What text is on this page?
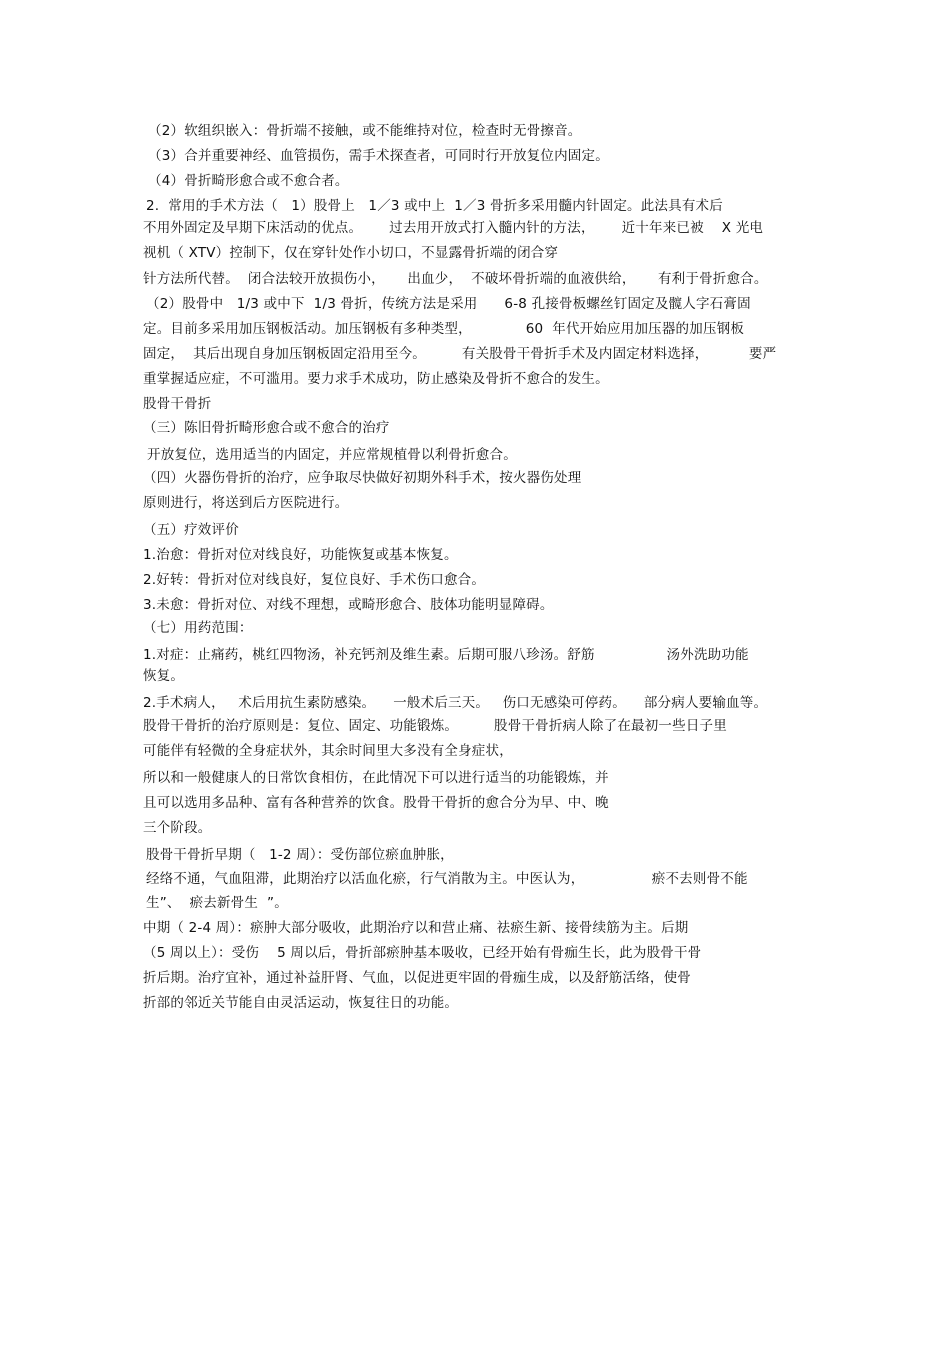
（2）软组织嵌入：骨折端不接触，或不能维持对位，检查时无骨擦音。
（3）合并重要神经、血管损伤，需手术探查者，可同时行开放复位内固定。
（4）骨折畸形愈合或不愈合者。
2.  常用的手术方法（   1）股骨上   1／3 或中上  1／3 骨折多采用髓内针固定。此法具有术后
不用外固定及早期下床活动的优点。      过去用开放式打入髓内针的方法，      近十年来已被    X 光电
视机（ XTV）控制下，仅在穿针处作小切口，不显露骨折端的闭合穿
针方法所代替。  闭合法较开放损伤小，     出血少，  不破坏骨折端的血液供给，     有利于骨折愈合。
（2）股骨中   1/3 或中下  1/3 骨折，传统方法是采用      6-8 孔接骨板螺丝钉固定及髋人字石膏固
定。目前多采用加压钢板活动。加压钢板有多种类型，            60  年代开始应用加压器的加压钢板
固定，  其后出现自身加压钢板固定沿用至今。        有关股骨干骨折手术及内固定材料选择，         要严
重掌握适应症，不可滥用。要力求手术成功，防止感染及骨折不愈合的发生。
股骨干骨折
（三）陈旧骨折畸形愈合或不愈合的治疗
开放复位，选用适当的内固定，并应常规植骨以利骨折愈合。
（四）火器伤骨折的治疗，应争取尽快做好初期外科手术，按火器伤处理
原则进行，将送到后方医院进行。
（五）疗效评价
1.治愈：骨折对位对线良好，功能恢复或基本恢复。
2.好转：骨折对位对线良好，复位良好、手术伤口愈合。
3.未愈：骨折对位、对线不理想，或畸形愈合、肢体功能明显障碍。
（七）用药范围：
1.对症：止痛药，桃红四物汤，补充钙剂及维生素。后期可服八珍汤。舒筋                汤外洗助功能
恢复。
2.手术病人，   术后用抗生素防感染。    一般术后三天。   伤口无感染可停药。    部分病人要输血等。
股骨干骨折的治疗原则是：复位、固定、功能锻炼。        股骨干骨折病人除了在最初一些日子里
可能伴有轻微的全身症状外，其余时间里大多没有全身症状，
所以和一般健康人的日常饮食相仿，在此情况下可以进行适当的功能锻炼，并
且可以选用多品种、富有各种营养的饮食。股骨干骨折的愈合分为早、中、晚
三个阶段。
股骨干骨折早期（   1-2 周）：受伤部位瘀血肿胀，
经络不通，气血阻滞，此期治疗以活血化瘀，行气消散为主。中医认为，               瘀不去则骨不能
生”、  瘀去新骨生  ”。
中期（ 2-4 周）：瘀肿大部分吸收，此期治疗以和营止痛、祛瘀生新、接骨续筋为主。后期
（5 周以上）：受伤    5 周以后，骨折部瘀肿基本吸收，已经开始有骨痂生长，此为股骨干骨
折后期。治疗宜补，通过补益肝肾、气血，以促进更牢固的骨痂生成，以及舒筋活络，使骨
折部的邻近关节能自由灵活运动，恢复往日的功能。
